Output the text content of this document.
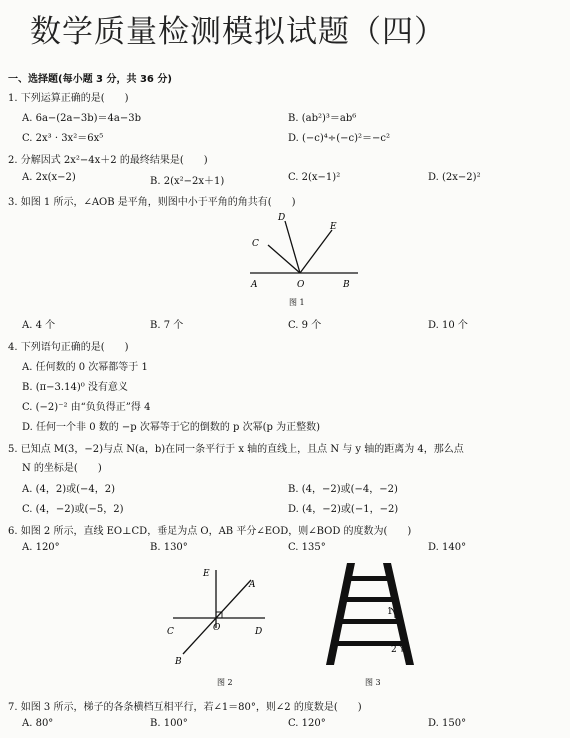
数学质量检测模拟试题（四）
一、选择题(每小题 3 分，共 36 分)
1. 下列运算正确的是(　　)
A. 6a−(2a−3b)＝4a−3b	B. (ab²)³＝ab⁶
C. 2x³ · 3x²＝6x⁵	D. (−c)⁴÷(−c)²＝−c²
2. 分解因式 2x²−4x＋2 的最终结果是(　　)
A. 2x(x−2)	B. 2(x²−2x＋1)	C. 2(x−1)²	D. (2x−2)²
3. 如图 1 所示，∠AOB 是平角，则图中小于平角的角共有(　　)
A	O	B
C
D
E
图 1
A. 4 个	B. 7 个	C. 9 个	D. 10 个
4. 下列语句正确的是(　　)
A. 任何数的 0 次幂都等于 1
B. (π−3.14)⁰ 没有意义
C. (−2)⁻² 由“负负得正”得 4
D. 任何一个非 0 数的 −p 次幂等于它的倒数的 p 次幂(p 为正整数)
5. 已知点 M(3，−2)与点 N(a，b)在同一条平行于 x 轴的直线上，且点 N 与 y 轴的距离为 4，那么点
N 的坐标是(　　)
A. (4，2)或(−4，2)	B. (4，−2)或(−4，−2)
C. (4，−2)或(−5，2)	D. (4，−2)或(−1，−2)
6. 如图 2 所示，直线 EO⊥CD，垂足为点 O，AB 平分∠EOD，则∠BOD 的度数为(　　)
A. 120°	B. 130°	C. 135°	D. 140°
E
A
C	O	D
B
图 2
1
2
图 3
7. 如图 3 所示，梯子的各条横档互相平行，若∠1＝80°，则∠2 的度数是(　　)
A. 80°	B. 100°	C. 120°	D. 150°
